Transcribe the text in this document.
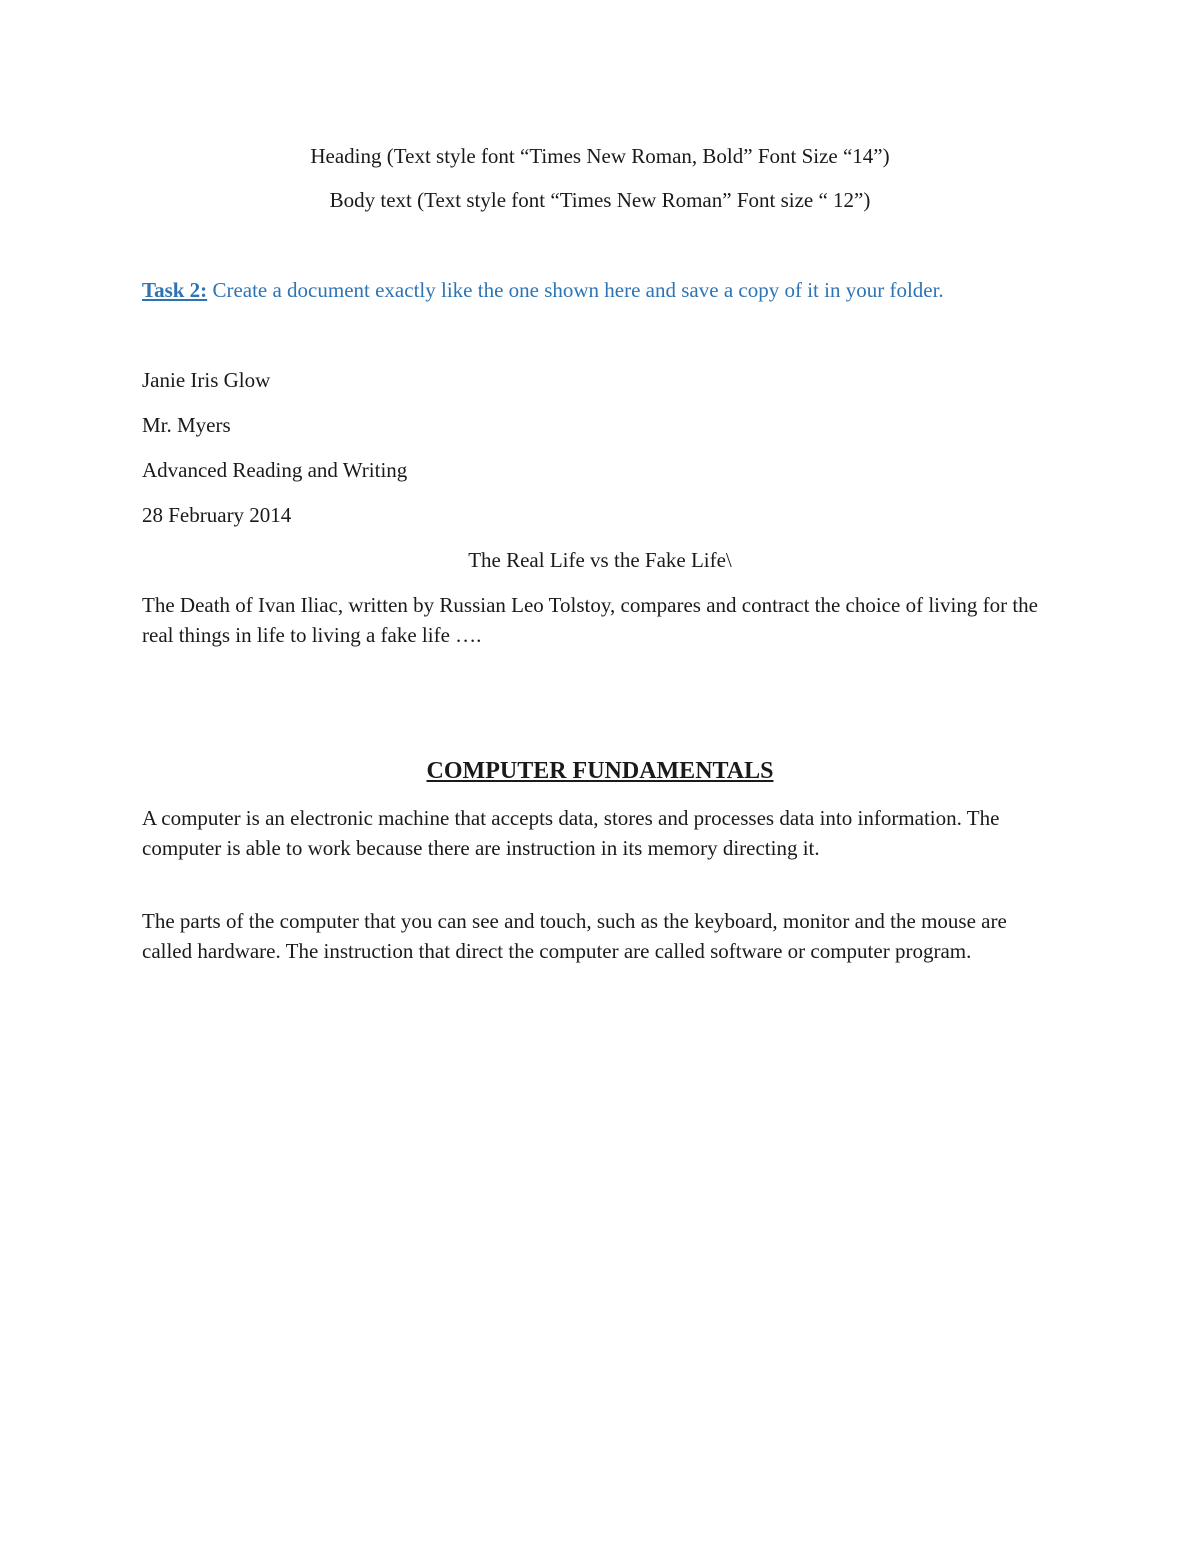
Heading (Text style font “Times New Roman, Bold” Font Size “14”)
Body text (Text style font “Times New Roman” Font size “ 12”)
Task 2: Create a document exactly like the one shown here and save a copy of it in your folder.
Janie Iris Glow
Mr. Myers
Advanced Reading and Writing
28 February 2014
The Real Life vs the Fake Life\
The Death of Ivan Iliac, written by Russian Leo Tolstoy, compares and contract the choice of living for the real things in life to living a fake life ….
COMPUTER FUNDAMENTALS
A computer is an electronic machine that accepts data, stores and processes data into information. The computer is able to work because there are instruction in its memory directing it.
The parts of the computer that you can see and touch, such as the keyboard, monitor and the mouse are called hardware. The instruction that direct the computer are called software or computer program.
